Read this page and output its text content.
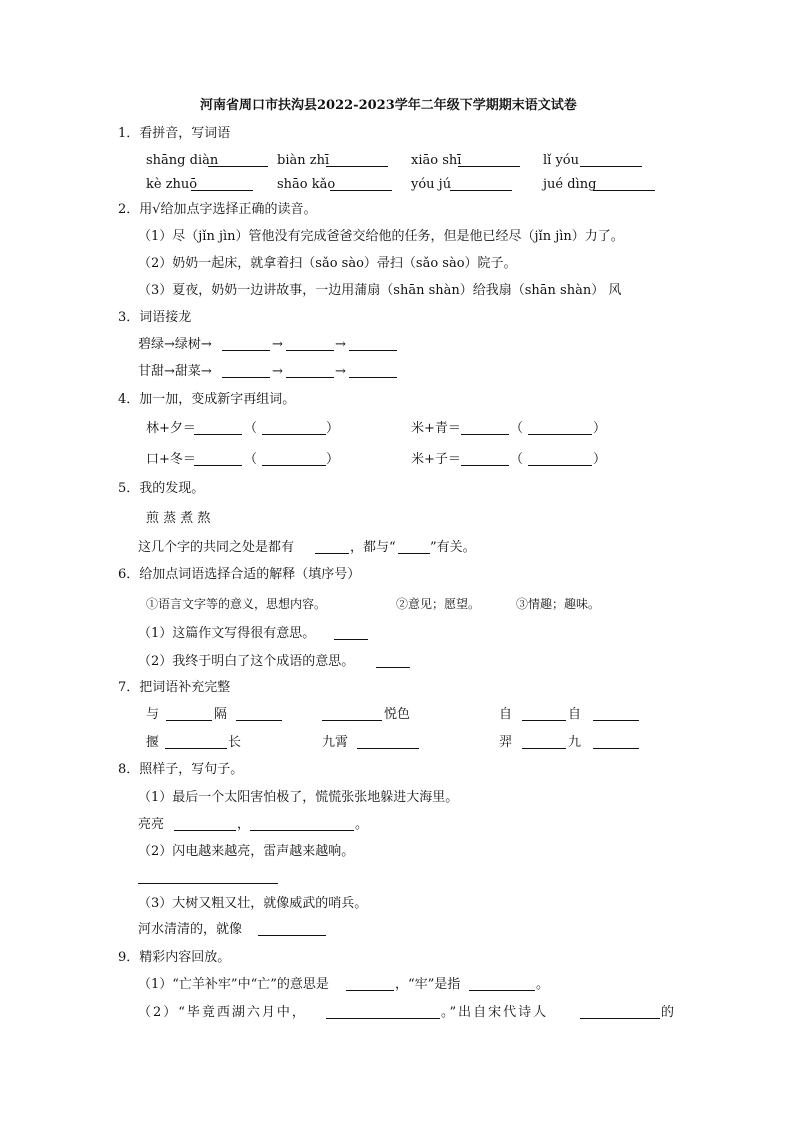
河南省周口市扶沟县2022-2023学年二年级下学期期末语文试卷
1．看拼音，写词语
shāng diàn	biàn zhī	xiāo shī	lǐ yóu
kè zhuō	shāo kǎo	yóu jú	jué dìng
2．用√给加点字选择正确的读音。
（1）尽（jǐn jìn）管他没有完成爸爸交给他的任务，但是他已经尽（jǐn jìn）力了。
（2）奶奶一起床，就拿着扫（sǎo sào）帚扫（sǎo sào）院子。
（3）夏夜，奶奶一边讲故事，一边用蒲扇（shān shàn）给我扇（shān shàn） 风
3．词语接龙
碧绿→绿树→	→	→
甘甜→甜菜→	→	→
4．加一加，变成新字再组词。
林+夕＝	（	）	米+青＝	（	）
口+冬＝	（	）	米+子＝	（	）
5．我的发现。
煎 蒸 煮 熬
这几个字的共同之处是都有	，都与“	”有关。
6．给加点词语选择合适的解释（填序号）
①语言文字等的意义，思想内容。	②意见；愿望。	③情趣；趣味。
（1）这篇作文写得很有意思。
（2）我终于明白了这个成语的意思。
7．把词语补充完整
与	隔	悦色	自	自
揠	长	九霄	羿	九
8．照样子，写句子。
（1）最后一个太阳害怕极了，慌慌张张地躲进大海里。
亮亮	，	。
（2）闪电越来越亮，雷声越来越响。
（3）大树又粗又壮，就像威武的哨兵。
河水清清的，就像
9．精彩内容回放。
（1）“亡羊补牢”中“亡”的意思是	，“牢”是指	。
（2）“毕竟西湖六月中，	。”出自宋代诗人	的
